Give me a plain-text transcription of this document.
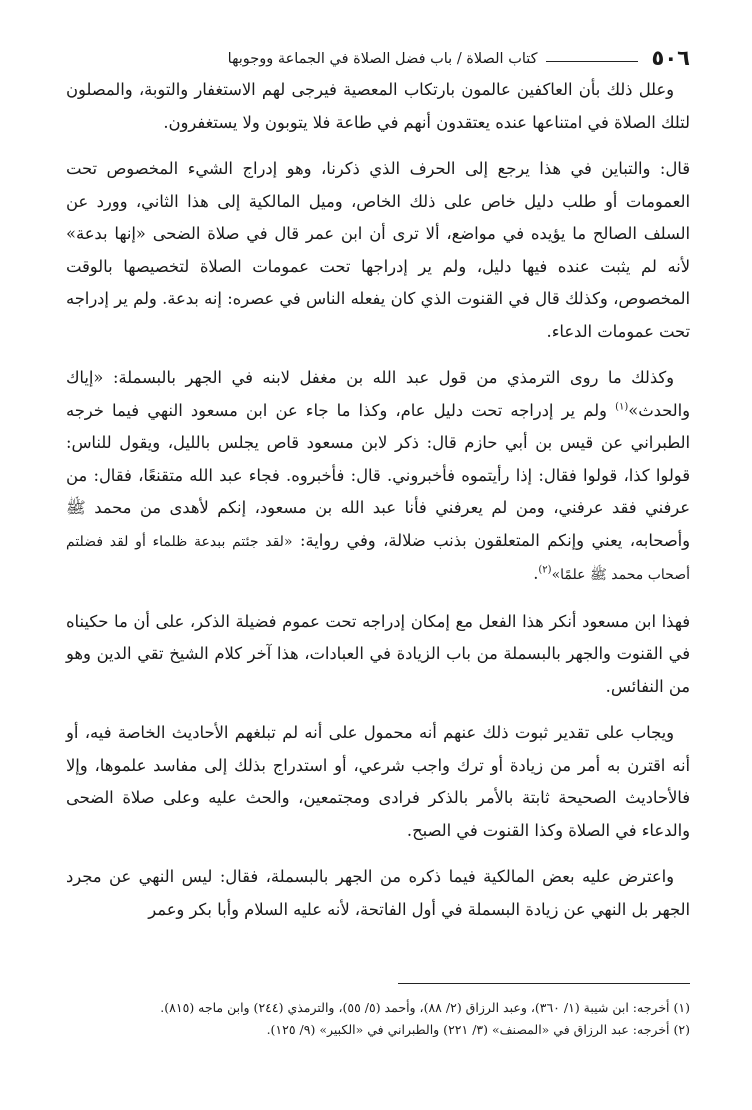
٥٠٦
كتاب الصلاة / باب فضل الصلاة في الجماعة ووجوبها

وعلل ذلك بأن العاكفين عالمون بارتكاب المعصية فيرجى لهم الاستغفار والتوبة، والمصلون لتلك الصلاة في امتناعها عنده يعتقدون أنهم في طاعة فلا يتوبون ولا يستغفرون.

قال: والتباين في هذا يرجع إلى الحرف الذي ذكرنا، وهو إدراج الشيء المخصوص تحت العمومات أو طلب دليل خاص على ذلك الخاص، وميل المالكية إلى هذا الثاني، وورد عن السلف الصالح ما يؤيده في مواضع، ألا ترى أن ابن عمر قال في صلاة الضحى «إنها بدعة» لأنه لم يثبت عنده فيها دليل، ولم ير إدراجها تحت عمومات الصلاة لتخصيصها بالوقت المخصوص، وكذلك قال في القنوت الذي كان يفعله الناس في عصره: إنه بدعة. ولم ير إدراجه تحت عمومات الدعاء.

وكذلك ما روى الترمذي من قول عبد الله بن مغفل لابنه في الجهر بالبسملة: «إياك والحدث»$^{(١)}$ ولم ير إدراجه تحت دليل عام، وكذا ما جاء عن ابن مسعود النهي فيما خرجه الطبراني عن قيس بن أبي حازم قال: ذكر لابن مسعود قاص يجلس بالليل، ويقول للناس: قولوا كذا، قولوا فقال: إذا رأيتموه فأخبروني. قال: فأخبروه. فجاء عبد الله متقنعًا، فقال: من عرفني فقد عرفني، ومن لم يعرفني فأنا عبد الله بن مسعود، إنكم لأهدى من محمد ﷺ وأصحابه، يعني وإنكم المتعلقون بذنب ضلالة، وفي رواية: «لقد جئتم ببدعة ظلماء أو لقد فضلتم أصحاب محمد ﷺ علمًا»$^{(٢)}$.

فهذا ابن مسعود أنكر هذا الفعل مع إمكان إدراجه تحت عموم فضيلة الذكر، على أن ما حكيناه في القنوت والجهر بالبسملة من باب الزيادة في العبادات، هذا آخر كلام الشيخ تقي الدين وهو من النفائس.

ويجاب على تقدير ثبوت ذلك عنهم أنه محمول على أنه لم تبلغهم الأحاديث الخاصة فيه، أو أنه اقترن به أمر من زيادة أو ترك واجب شرعي، أو استدراج بذلك إلى مفاسد علموها، وإلا فالأحاديث الصحيحة ثابتة بالأمر بالذكر فرادى ومجتمعين، والحث عليه وعلى صلاة الضحى والدعاء في الصلاة وكذا القنوت في الصبح.

واعترض عليه بعض المالكية فيما ذكره من الجهر بالبسملة، فقال: ليس النهي عن مجرد الجهر بل النهي عن زيادة البسملة في أول الفاتحة، لأنه عليه السلام وأبا بكر وعمر

(١) أخرجه: ابن شيبة (١/ ٣٦٠)، وعبد الرزاق (٢/ ٨٨)، وأحمد (٥/ ٥٥)، والترمذي (٢٤٤) وابن ماجه (٨١٥).
(٢) أخرجه: عبد الرزاق في «المصنف» (٣/ ٢٢١) والطبراني في «الكبير» (٩/ ١٢٥).
